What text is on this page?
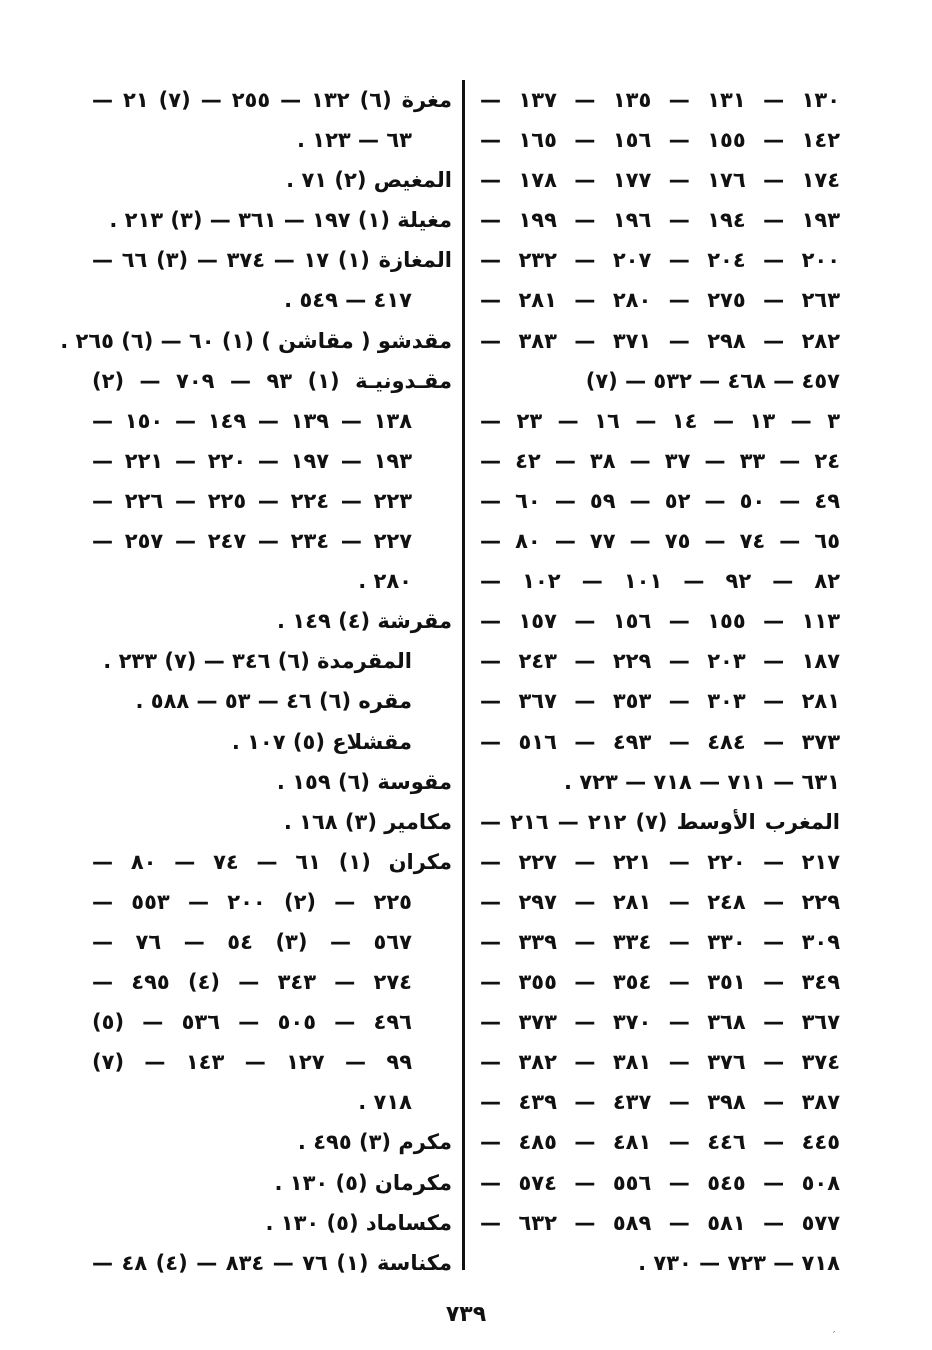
١٣٠ — ١٣١ — ١٣٥ — ١٣٧ —
١٤٢ — ١٥٥ — ١٥٦ — ١٦٥ —
١٧٤ — ١٧٦ — ١٧٧ — ١٧٨ —
١٩٣ — ١٩٤ — ١٩٦ — ١٩٩ —
٢٠٠ — ٢٠٤ — ٢٠٧ — ٢٣٢ —
٢٦٣ — ٢٧٥ — ٢٨٠ — ٢٨١ —
٢٨٢ — ٢٩٨ — ٣٧١ — ٣٨٣ —
٤٥٧ — ٤٦٨ — ٥٣٢ — (٧)
٣ — ١٣ — ١٤ — ١٦ — ٢٣ —
٢٤ — ٣٣ — ٣٧ — ٣٨ — ٤٢ —
٤٩ — ٥٠ — ٥٢ — ٥٩ — ٦٠ —
٦٥ — ٧٤ — ٧٥ — ٧٧ — ٨٠ —
٨٢ — ٩٢ — ١٠١ — ١٠٢ —
١١٣ — ١٥٥ — ١٥٦ — ١٥٧ —
١٨٧ — ٢٠٣ — ٢٢٩ — ٢٤٣ —
٢٨١ — ٣٠٣ — ٣٥٣ — ٣٦٧ —
٣٧٣ — ٤٨٤ — ٤٩٣ — ٥١٦ —
٦٣١ — ٧١١ — ٧١٨ — ٧٢٣ .
المغرب الأوسط (٧) ٢١٢ — ٢١٦ —
٢١٧ — ٢٢٠ — ٢٢١ — ٢٢٧ —
٢٢٩ — ٢٤٨ — ٢٨١ — ٢٩٧ —
٣٠٩ — ٣٣٠ — ٣٣٤ — ٣٣٩ —
٣٤٩ — ٣٥١ — ٣٥٤ — ٣٥٥ —
٣٦٧ — ٣٦٨ — ٣٧٠ — ٣٧٣ —
٣٧٤ — ٣٧٦ — ٣٨١ — ٣٨٢ —
٣٨٧ — ٣٩٨ — ٤٣٧ — ٤٣٩ —
٤٤٥ — ٤٤٦ — ٤٨١ — ٤٨٥ —
٥٠٨ — ٥٤٥ — ٥٥٦ — ٥٧٤ —
٥٧٧ — ٥٨١ — ٥٨٩ — ٦٣٢ —
٧١٨ — ٧٢٣ — ٧٣٠ .
مغرة (٦) ١٣٢ — ٢٥٥ — (٧) ٢١ —
٦٣ — ١٢٣ .
المغيص (٢) ٧١ .
مغيلة (١) ١٩٧ — ٣٦١ — (٣) ٢١٣ .
المغازة (١) ١٧ — ٣٧٤ — (٣) ٦٦ —
٤١٧ — ٥٤٩ .
مقدشو ( مقاشن ) (١) ٦٠ — (٦) ٢٦٥ .
مقـدونيـة (١) ٩٣ — ٧٠٩ — (٢)
١٣٨ — ١٣٩ — ١٤٩ — ١٥٠ —
١٩٣ — ١٩٧ — ٢٢٠ — ٢٢١ —
٢٢٣ — ٢٢٤ — ٢٢٥ — ٢٢٦ —
٢٢٧ — ٢٣٤ — ٢٤٧ — ٢٥٧ —
٢٨٠ .
مقرشة (٤) ١٤٩ .
المقرمدة (٦) ٣٤٦ — (٧) ٢٣٣ .
مقره (٦) ٤٦ — ٥٣ — ٥٨٨ .
مقشلاع (٥) ١٠٧ .
مقوسة (٦) ١٥٩ .
مكامير (٣) ١٦٨ .
مكران (١) ٦١ — ٧٤ — ٨٠ —
٢٢٥ — (٢) ٢٠٠ — ٥٥٣ —
٥٦٧ — (٣) ٥٤ — ٧٦ —
٢٧٤ — ٣٤٣ — (٤) ٤٩٥ —
٤٩٦ — ٥٠٥ — ٥٣٦ — (٥)
٩٩ — ١٢٧ — ١٤٣ — (٧)
٧١٨ .
مكرم (٣) ٤٩٥ .
مكرمان (٥) ١٣٠ .
مكساماد (٥) ١٣٠ .
مكناسة (١) ٧٦ — ٨٣٤ — (٤) ٤٨ —
٧٣٩
′
